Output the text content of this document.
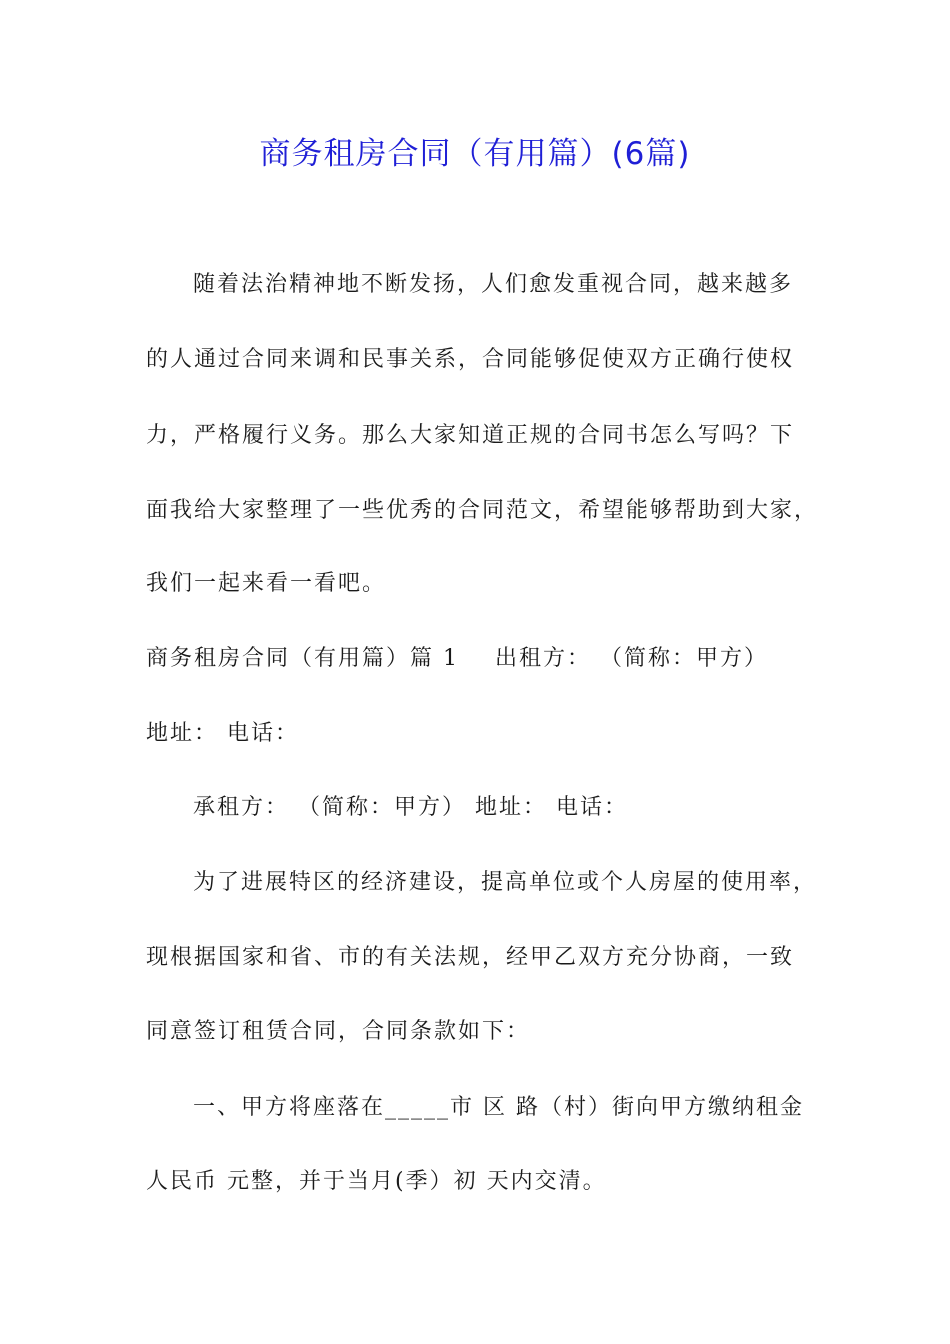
商务租房合同（有用篇）(6篇)
随着法治精神地不断发扬，人们愈发重视合同，越来越多
的人通过合同来调和民事关系，合同能够促使双方正确行使权
力，严格履行义务。那么大家知道正规的合同书怎么写吗？下
面我给大家整理了一些优秀的合同范文，希望能够帮助到大家，
我们一起来看一看吧。
商务租房合同（有用篇）篇 1 出租方： （简称：甲方）
地址： 电话：
承租方： （简称：甲方） 地址： 电话：
为了进展特区的经济建设，提高单位或个人房屋的使用率，
现根据国家和省、市的有关法规，经甲乙双方充分协商，一致
同意签订租赁合同，合同条款如下：
一、甲方将座落在_____市 区 路（村）街向甲方缴纳租金
人民币 元整，并于当月(季）初 天内交清。
